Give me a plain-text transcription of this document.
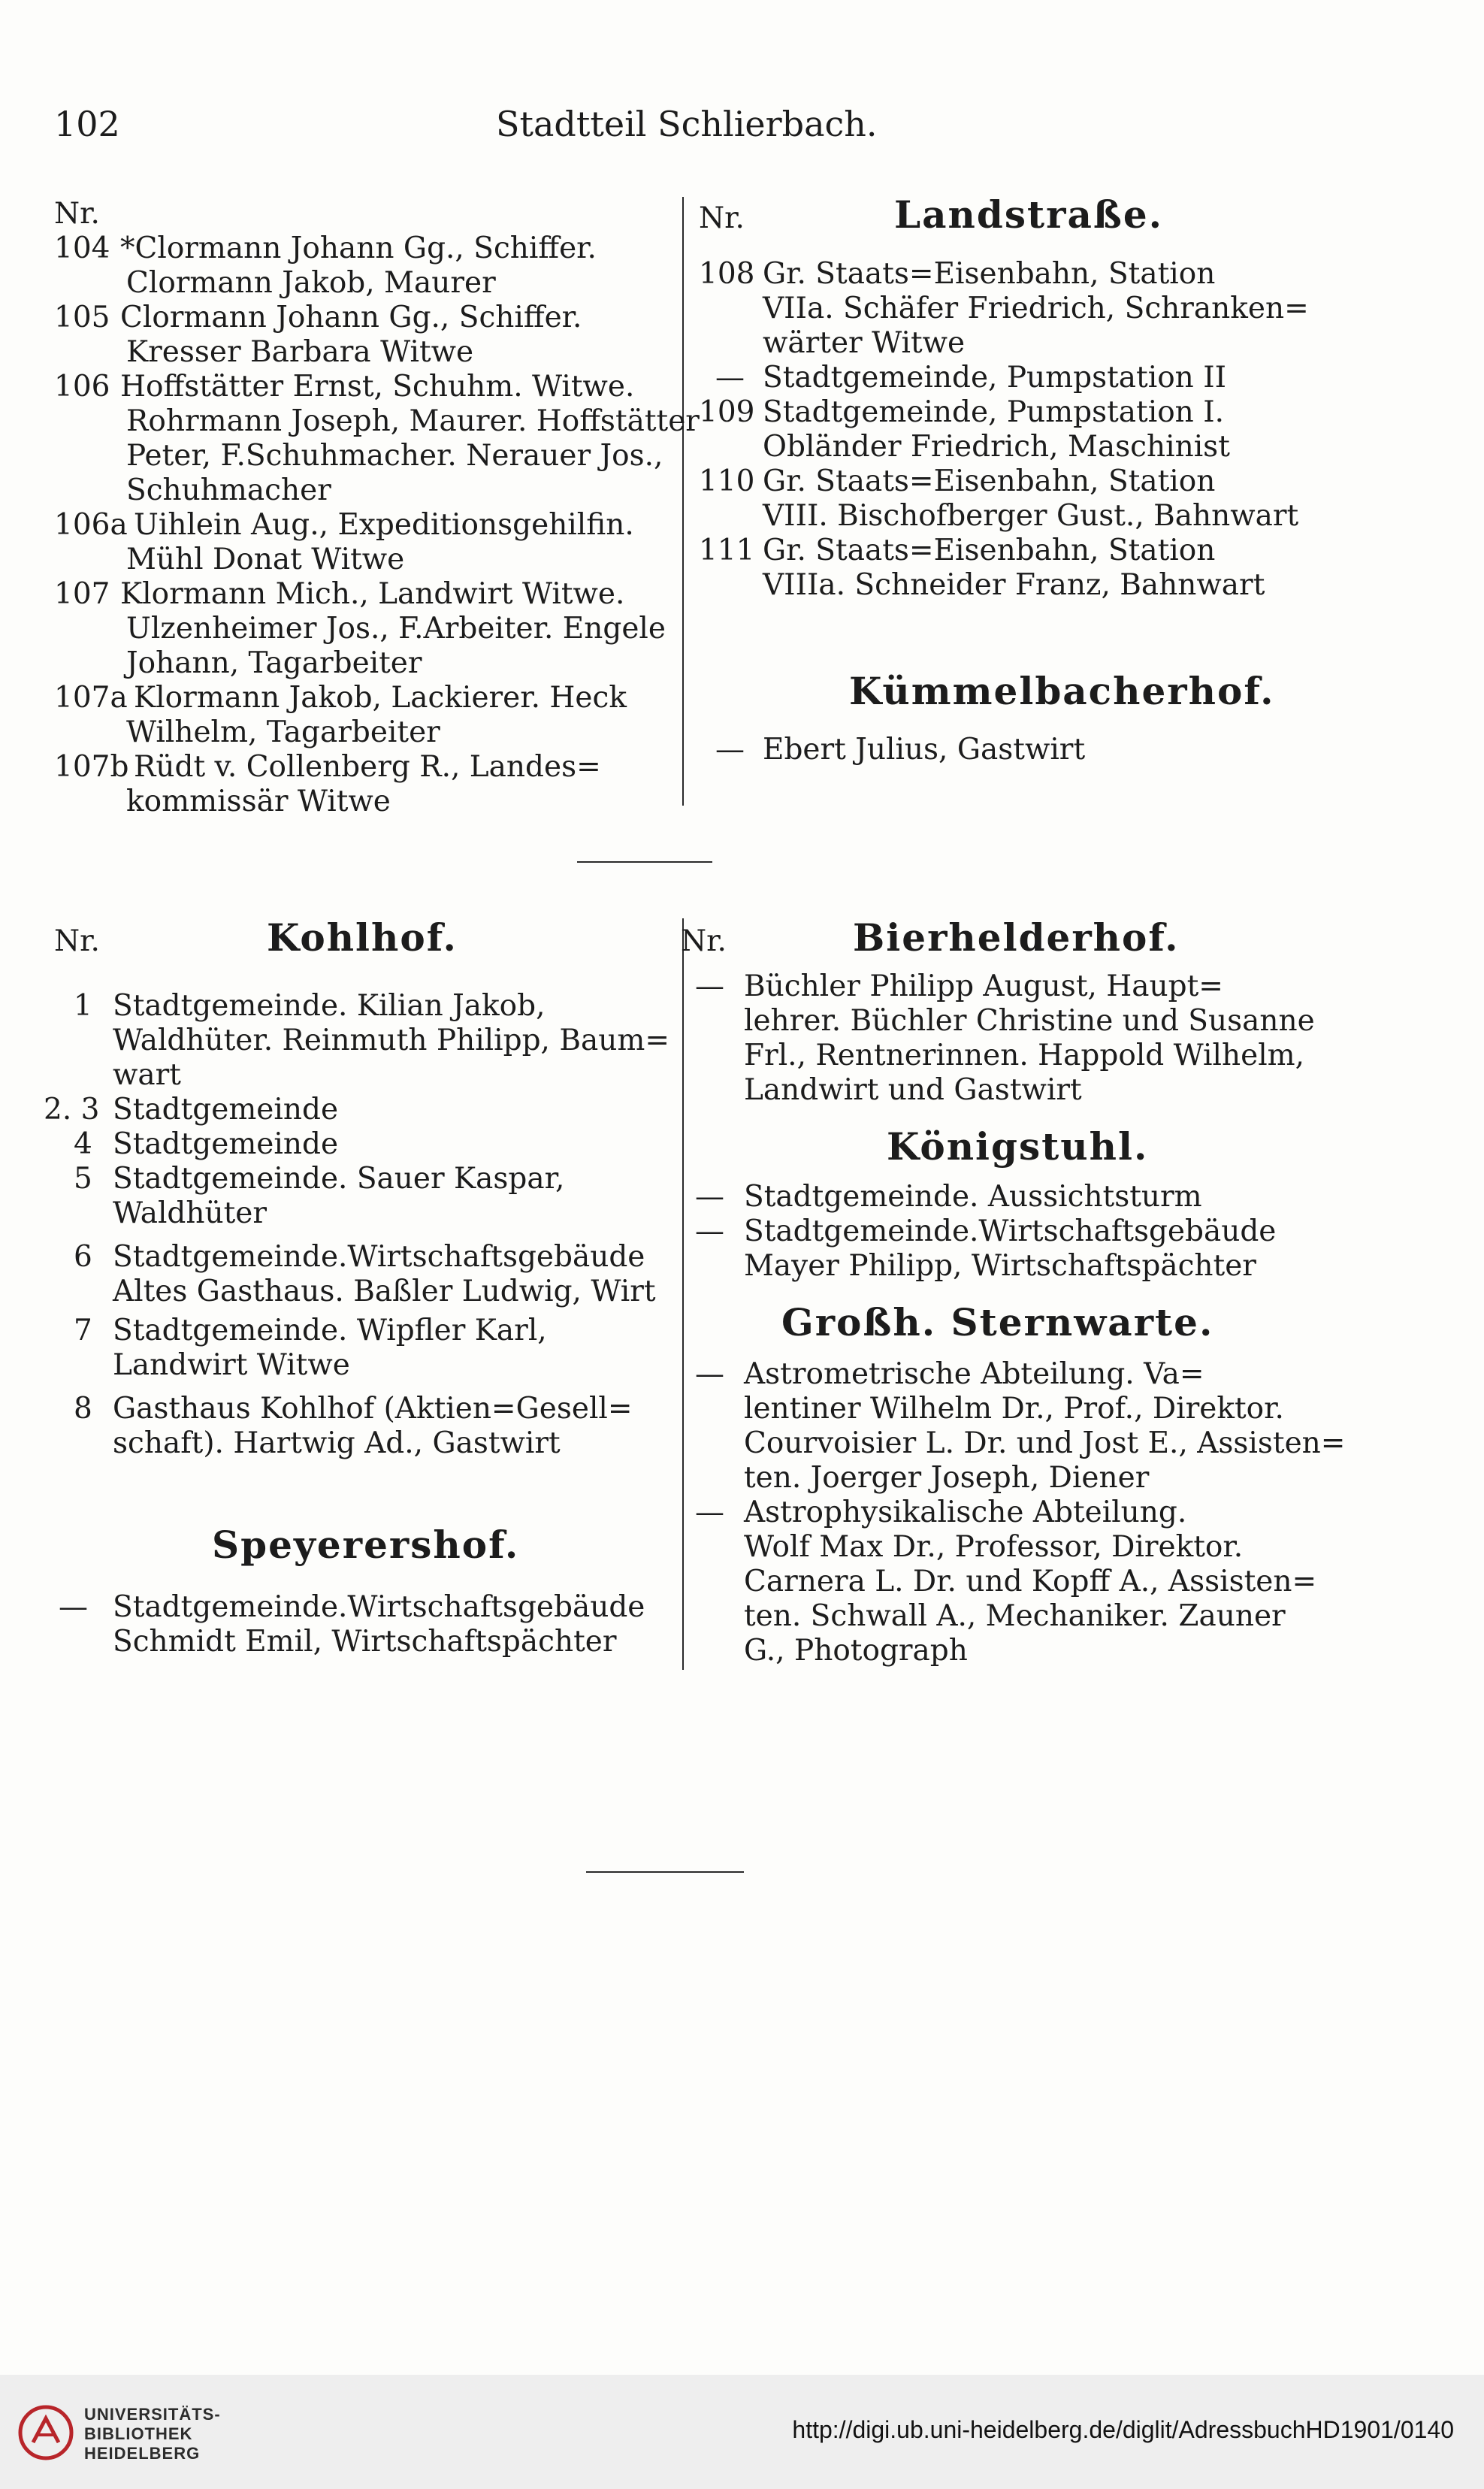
102	Stadtteil Schlierbach.
Nr.
104 *Clormann Johann Gg., Schiffer.
Clormann Jakob, Maurer
105 Clormann Johann Gg., Schiffer.
Kresser Barbara Witwe
106 Hoffstätter Ernst, Schuhm. Witwe.
Rohrmann Joseph, Maurer. Hoffstätter
Peter, F.Schuhmacher. Nerauer Jos.,
Schuhmacher
106a Uihlein Aug., Expeditionsgehilfin.
Mühl Donat Witwe
107 Klormann Mich., Landwirt Witwe.
Ulzenheimer Jos., F.Arbeiter. Engele
Johann, Tagarbeiter
107a Klormann Jakob, Lackierer. Heck
Wilhelm, Tagarbeiter
107b Rüdt v. Collenberg R., Landes=
kommissär Witwe
Nr.	Landstraße.
108 Gr. Staats=Eisenbahn, Station
VIIa. Schäfer Friedrich, Schranken=
wärter Witwe
— Stadtgemeinde, Pumpstation II
109 Stadtgemeinde, Pumpstation I.
Obländer Friedrich, Maschinist
110 Gr. Staats=Eisenbahn, Station
VIII. Bischofberger Gust., Bahnwart
111 Gr. Staats=Eisenbahn, Station
VIIIa. Schneider Franz, Bahnwart
Kümmelbacherhof.
— Ebert Julius, Gastwirt
Nr.	Kohlhof.
1 Stadtgemeinde. Kilian Jakob,
Waldhüter. Reinmuth Philipp, Baum=
wart
2. 3 Stadtgemeinde
4 Stadtgemeinde
5 Stadtgemeinde. Sauer Kaspar,
Waldhüter
6 Stadtgemeinde.Wirtschaftsgebäude
Altes Gasthaus. Baßler Ludwig, Wirt
7 Stadtgemeinde. Wipfler Karl,
Landwirt Witwe
8 Gasthaus Kohlhof (Aktien=Gesell=
schaft). Hartwig Ad., Gastwirt
Speyerershof.
— Stadtgemeinde.Wirtschaftsgebäude
Schmidt Emil, Wirtschaftspächter
Nr.	Bierhelderhof.
— Büchler Philipp August, Haupt=
lehrer. Büchler Christine und Susanne
Frl., Rentnerinnen. Happold Wilhelm,
Landwirt und Gastwirt
Königstuhl.
— Stadtgemeinde. Aussichtsturm
— Stadtgemeinde.Wirtschaftsgebäude
Mayer Philipp, Wirtschaftspächter
Großh. Sternwarte.
— Astrometrische Abteilung. Va=
lentiner Wilhelm Dr., Prof., Direktor.
Courvoisier L. Dr. und Jost E., Assisten=
ten. Joerger Joseph, Diener
— Astrophysikalische Abteilung.
Wolf Max Dr., Professor, Direktor.
Carnera L. Dr. und Kopff A., Assisten=
ten. Schwall A., Mechaniker. Zauner
G., Photograph
UNIVERSITÄTS-
BIBLIOTHEK
HEIDELBERG
http://digi.ub.uni-heidelberg.de/diglit/AdressbuchHD1901/0140
